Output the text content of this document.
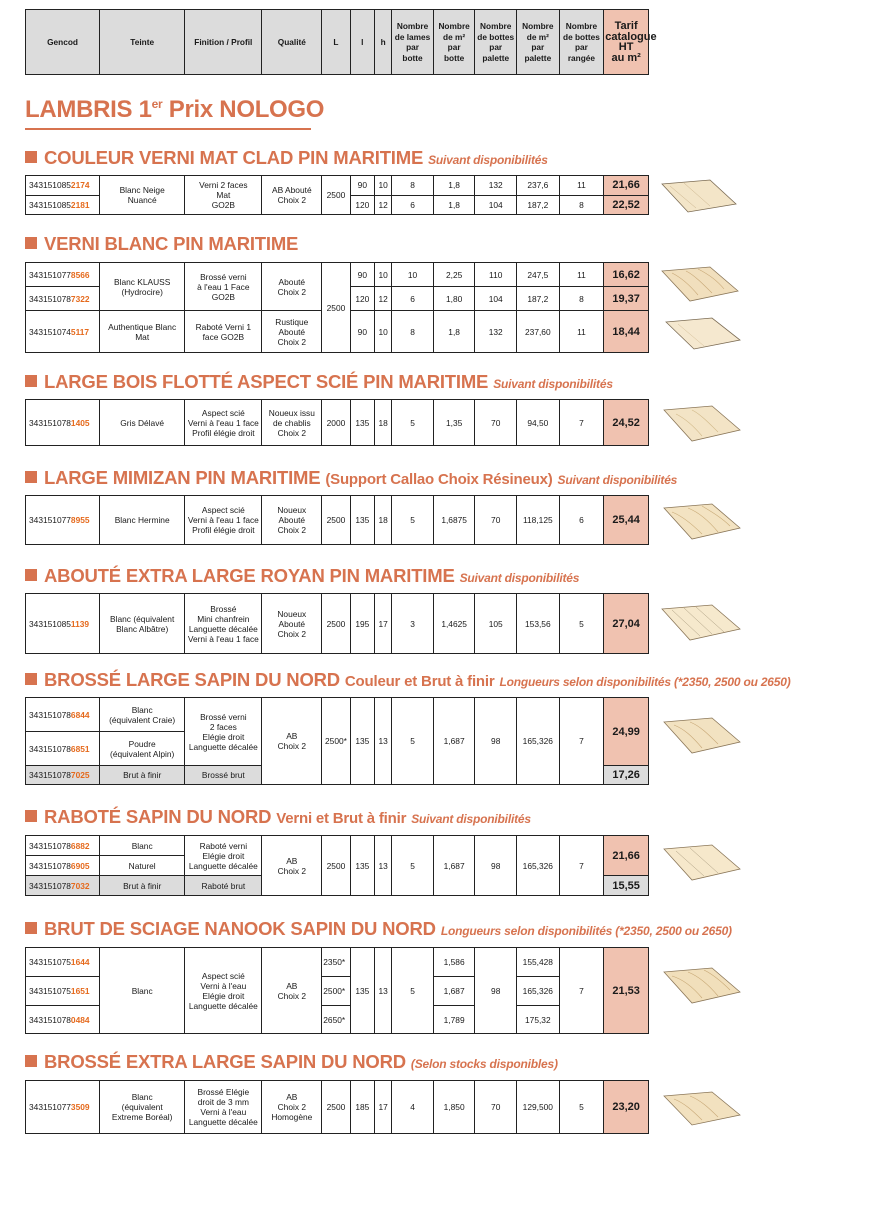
Gencod	Teinte	Finition / Profil	Qualité	L	l	h	Nombre
de lames
par
botte	Nombre
de m²
par
botte	Nombre
de bottes
par
palette	Nombre
de m²
par
palette	Nombre
de bottes
par
rangée	Tarif
catalogue
HT
au m²
LAMBRIS 1er Prix NOLOGO
COULEUR VERNI MAT CLAD PIN MARITIME Suivant disponibilités
3431510852174	Blanc Neige
Nuancé	Verni 2 faces
Mat
GO2B	AB Abouté
Choix 2	2500	90	10	8	1,8	132	237,6	11	21,66
3431510852181					120	12	6	1,8	104	187,2	8	22,52
VERNI BLANC PIN MARITIME
3431510778566	Blanc KLAUSS
(Hydrocire)	Brossé verni
à l'eau 1 Face
GO2B	Abouté
Choix 2	2500	90	10	10	2,25	110	247,5	11	16,62
3431510787322					120	12	6	1,80	104	187,2	8	19,37
3431510745117	Authentique Blanc
Mat	Raboté Verni 1
face GO2B	Rustique
Abouté
Choix 2		90	10	8	1,8	132	237,60	11	18,44
LARGE BOIS FLOTTÉ ASPECT SCIÉ PIN MARITIME Suivant disponibilités
3431510781405	Gris Délavé	Aspect scié
Verni à l'eau 1 face
Profil élégie droit	Noueux issu
de chablis
Choix 2	2000	135	18	5	1,35	70	94,50	7	24,52
LARGE MIMIZAN PIN MARITIME (Support Callao Choix Résineux) Suivant disponibilités
3431510778955	Blanc Hermine	Aspect scié
Verni à l'eau 1 face
Profil élégie droit	Noueux
Abouté
Choix 2	2500	135	18	5	1,6875	70	118,125	6	25,44
ABOUTÉ EXTRA LARGE ROYAN PIN MARITIME Suivant disponibilités
3431510851139	Blanc (équivalent
Blanc Albâtre)	Brossé
Mini chanfrein
Languette décalée
Verni à l'eau 1 face	Noueux
Abouté
Choix 2	2500	195	17	3	1,4625	105	153,56	5	27,04
BROSSÉ LARGE SAPIN DU NORD Couleur et Brut à finir Longueurs selon disponibilités (*2350, 2500 ou 2650)
3431510786844	Blanc
(équivalent Craie)	Brossé verni
2 faces
Elégie droit
Languette décalée	AB
Choix 2	2500*	135	13	5	1,687	98	165,326	7	24,99
3431510786851	Poudre
(équivalent Alpin)											
3431510787025	Brut à finir	Brossé brut										17,26
RABOTÉ SAPIN DU NORD Verni et Brut à finir Suivant disponibilités
3431510786882	Blanc	Raboté verni
Elégie droit
Languette décalée	AB
Choix 2	2500	135	13	5	1,687	98	165,326	7	21,66
3431510786905	Naturel											
3431510787032	Brut à finir	Raboté brut										15,55
BRUT DE SCIAGE NANOOK SAPIN DU NORD Longueurs selon disponibilités (*2350, 2500 ou 2650)
3431510751644	Blanc	Aspect scié
Verni à l'eau
Elégie droit
Languette décalée	AB
Choix 2	2350*	135	13	5	1,586	98	155,428	7	21,53
3431510751651				2500*				1,687		165,326		
3431510780484				2650*				1,789		175,32		
BROSSÉ EXTRA LARGE SAPIN DU NORD (Selon stocks disponibles)
3431510773509	Blanc
(équivalent
Extreme Boréal)	Brossé Elégie
droit de 3 mm
Verni à l'eau
Languette décalée	AB
Choix 2
Homogène	2500	185	17	4	1,850	70	129,500	5	23,20
